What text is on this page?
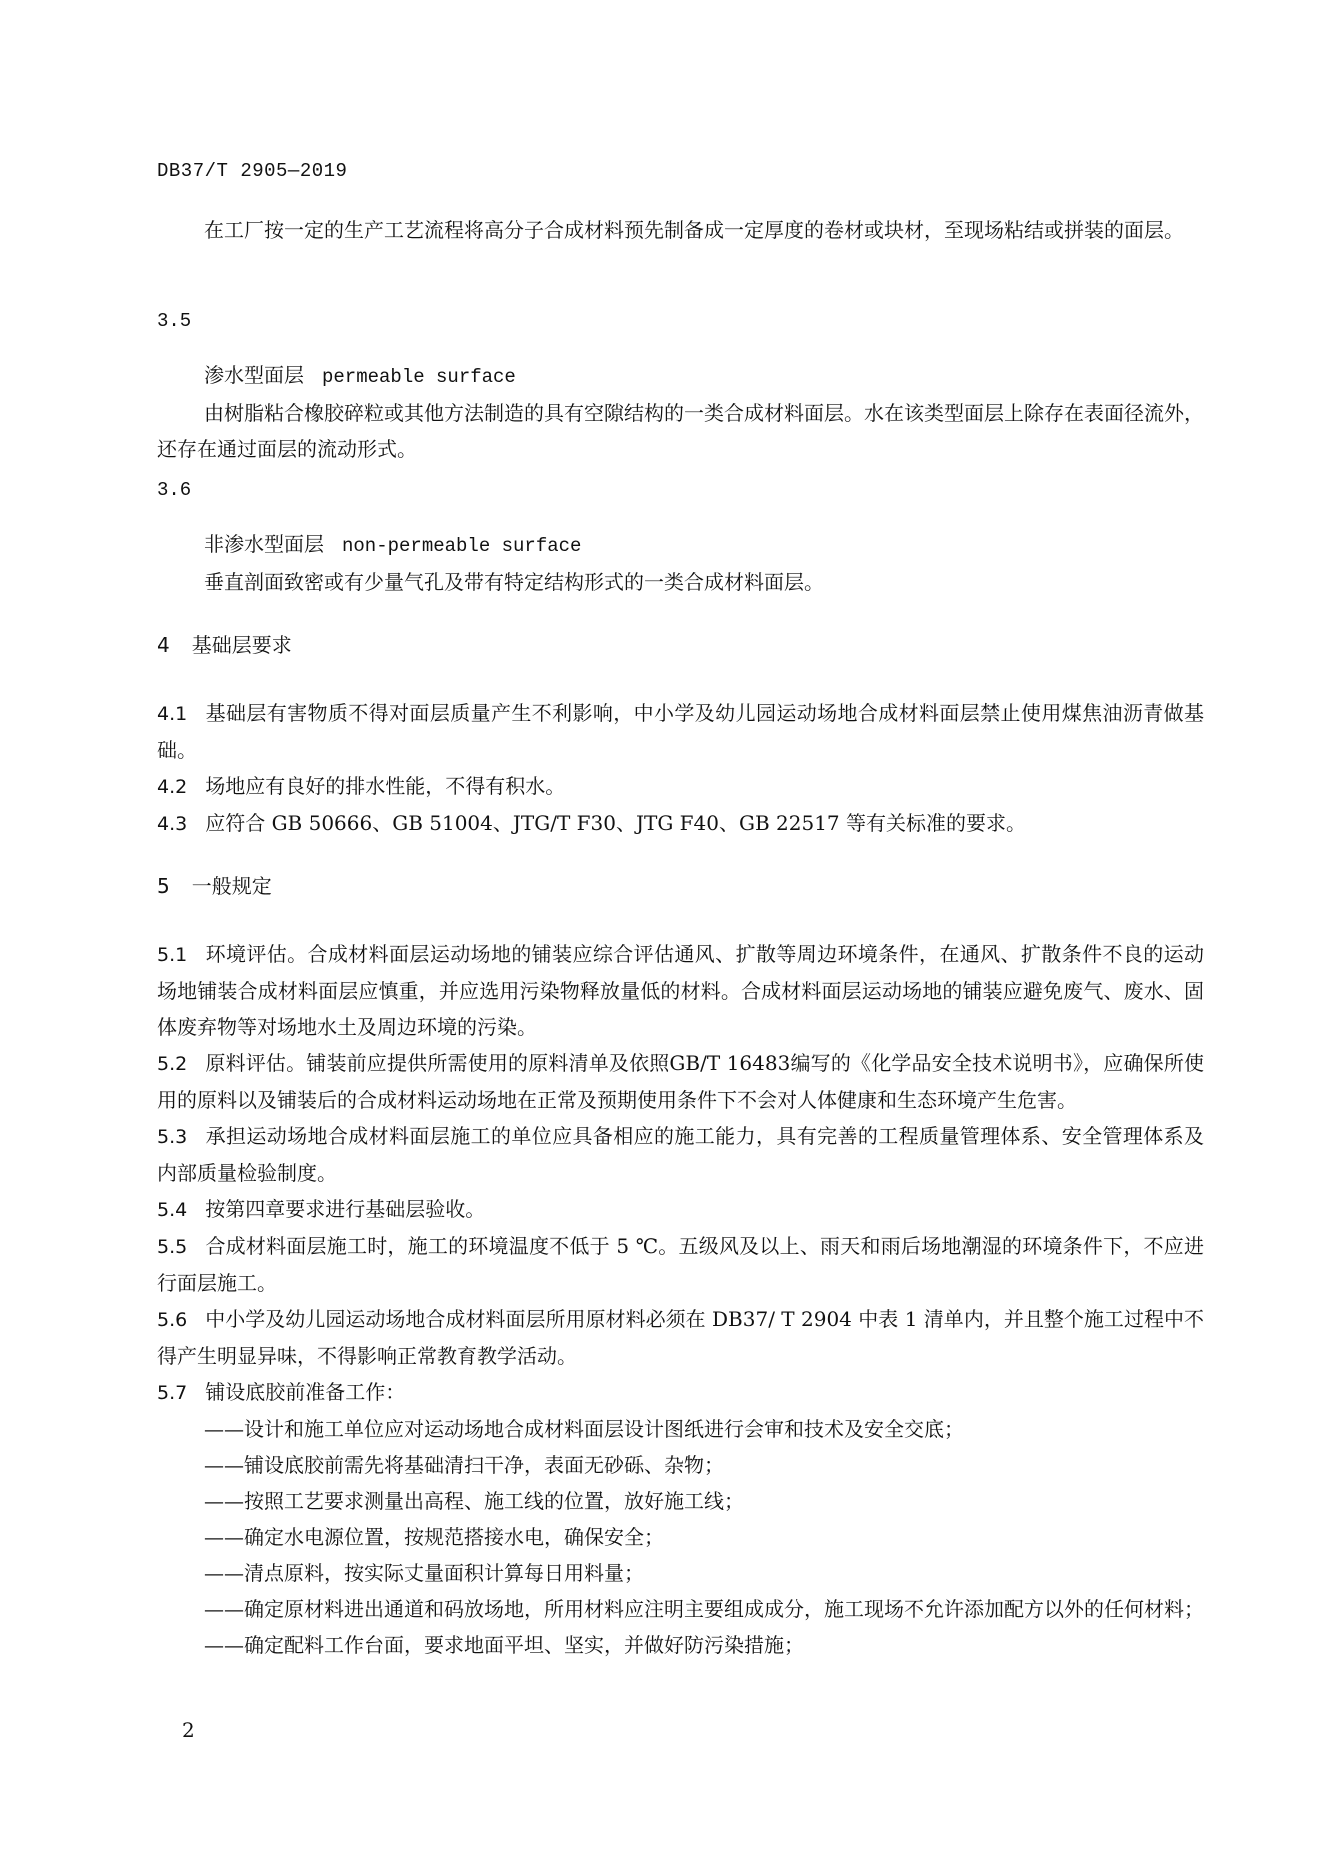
DB37/T 2905—2019

在工厂按一定的生产工艺流程将高分子合成材料预先制备成一定厚度的卷材或块材，至现场粘结或拼装的面层。

3.5

渗水型面层 permeable surface

由树脂粘合橡胶碎粒或其他方法制造的具有空隙结构的一类合成材料面层。水在该类型面层上除存在表面径流外，还存在通过面层的流动形式。

3.6

非渗水型面层 non-permeable surface

垂直剖面致密或有少量气孔及带有特定结构形式的一类合成材料面层。

4 基础层要求

4.1 基础层有害物质不得对面层质量产生不利影响，中小学及幼儿园运动场地合成材料面层禁止使用煤焦油沥青做基础。

4.2 场地应有良好的排水性能，不得有积水。

4.3 应符合 GB 50666、GB 51004、JTG/T F30、JTG F40、GB 22517 等有关标准的要求。

5 一般规定

5.1 环境评估。合成材料面层运动场地的铺装应综合评估通风、扩散等周边环境条件，在通风、扩散条件不良的运动场地铺装合成材料面层应慎重，并应选用污染物释放量低的材料。合成材料面层运动场地的铺装应避免废气、废水、固体废弃物等对场地水土及周边环境的污染。

5.2 原料评估。铺装前应提供所需使用的原料清单及依照GB/T 16483编写的《化学品安全技术说明书》，应确保所使用的原料以及铺装后的合成材料运动场地在正常及预期使用条件下不会对人体健康和生态环境产生危害。

5.3 承担运动场地合成材料面层施工的单位应具备相应的施工能力，具有完善的工程质量管理体系、安全管理体系及内部质量检验制度。

5.4 按第四章要求进行基础层验收。

5.5 合成材料面层施工时，施工的环境温度不低于 5 ℃。五级风及以上、雨天和雨后场地潮湿的环境条件下，不应进行面层施工。

5.6 中小学及幼儿园运动场地合成材料面层所用原材料必须在 DB37/ T 2904 中表 1 清单内，并且整个施工过程中不得产生明显异味，不得影响正常教育教学活动。

5.7 铺设底胶前准备工作：

——设计和施工单位应对运动场地合成材料面层设计图纸进行会审和技术及安全交底；

——铺设底胶前需先将基础清扫干净，表面无砂砾、杂物；

——按照工艺要求测量出高程、施工线的位置，放好施工线；

——确定水电源位置，按规范搭接水电，确保安全；

——清点原料，按实际丈量面积计算每日用料量；

——确定原材料进出通道和码放场地，所用材料应注明主要组成成分，施工现场不允许添加配方以外的任何材料；

——确定配料工作台面，要求地面平坦、坚实，并做好防污染措施；

2
